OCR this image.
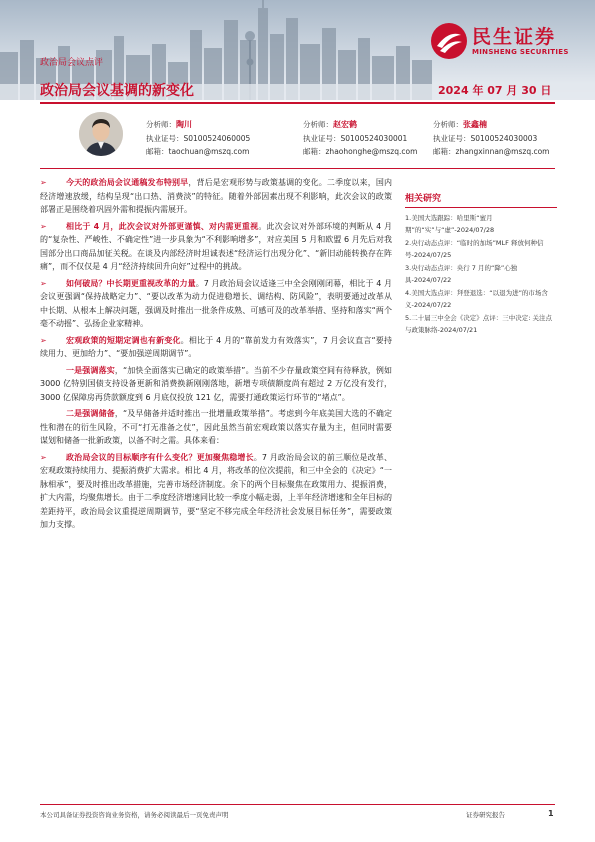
民生证券
MINSHENG SECURITIES
政治局会议点评
政治局会议基调的新变化	2024 年 07 月 30 日
分析师：陶川
执业证号：S0100524060005
邮箱：taochuan@mszq.com
分析师：赵宏鹤
执业证号：S0100524030001
邮箱：zhaohonghe@mszq.com
分析师：张鑫楠
执业证号：S0100524030003
邮箱：zhangxinnan@mszq.com

➢ 今天的政治局会议通稿发布特别早，背后是宏观形势与政策基调的变化。二季度以来，国内经济增速放缓，结构呈现“出口热、消费淡”的特征。随着外部因素出现不利影响，此次会议的政策部署正是围绕着巩固外需和提振内需展开。

➢ 相比于 4 月，此次会议对外部更谨慎、对内需更重视。此次会议对外部环境的判断从 4 月的“复杂性、严峻性、不确定性”进一步具象为“不利影响增多”，对应美国 5 月和欧盟 6 月先后对我国部分出口商品加征关税。在谈及内部经济时坦诚表述“经济运行出现分化”、“新旧动能转换存在阵痛”，而不仅仅是 4 月“经济持续回升向好”过程中的挑战。

➢ 如何破局？中长期更重视改革的力量。7 月政治局会议适逢三中全会刚刚闭幕，相比于 4 月会议更强调“保持战略定力”、“要以改革为动力促进稳增长、调结构、防风险”，表明要通过改革从中长期、从根本上解决问题，强调及时推出一批条件成熟、可感可及的改革举措、坚持和落实“两个毫不动摇”、弘扬企业家精神。

➢ 宏观政策的短期定调也有新变化。相比于 4 月的“靠前发力有效落实”，7 月会议直言“要持续用力、更加给力”、“要加强逆周期调节”。

一是强调落实，“加快全面落实已确定的政策举措”。当前不少存量政策空间有待释放，例如 3000 亿特别国债支持设备更新和消费换新刚刚落地，新增专项债额度尚有超过 2 万亿没有发行，3000 亿保障房再贷款额度到 6 月底仅投放 121 亿，需要打通政策运行环节的“堵点”。

二是强调储备，“及早储备并适时推出一批增量政策举措”。考虑到今年底美国大选的不确定性和潜在的衍生风险，不可“打无准备之仗”，因此虽然当前宏观政策以落实存量为主，但同时需要谋划和储备一批新政策，以备不时之需。具体来看：

➢ 政治局会议的目标顺序有什么变化？更加聚焦稳增长。7 月政治局会议的前三顺位是改革、宏观政策持续用力、提振消费扩大需求。相比 4 月，将改革的位次提前，和三中全会的《决定》“一脉相承”，要及时推出改革措施，完善市场经济制度。余下的两个目标聚焦在政策用力、提振消费，扩大内需，均聚焦增长。由于二季度经济增速同比较一季度小幅走弱，上半年经济增速和全年目标的差距持平，政治局会议重提逆周期调节，要“坚定不移完成全年经济社会发展目标任务”，需要政策加力支撑。

相关研究
1.美国大选跟踪：哈里斯“蜜月期”的“实”与“虚”-2024/07/28
2.央行动态点评：“临时的加场”MLF 释放何种信号-2024/07/25
3.央行动态点评：央行 7 月的“降”心独具-2024/07/22
4.美国大选点评：拜登退选：“以退为进”的市场含义-2024/07/22
5.二十届三中全会《决定》点评：三中决定: 关注点与政策脉络-2024/07/21
本公司具备证券投资咨询业务资格，请务必阅读最后一页免责声明	证券研究报告	1
